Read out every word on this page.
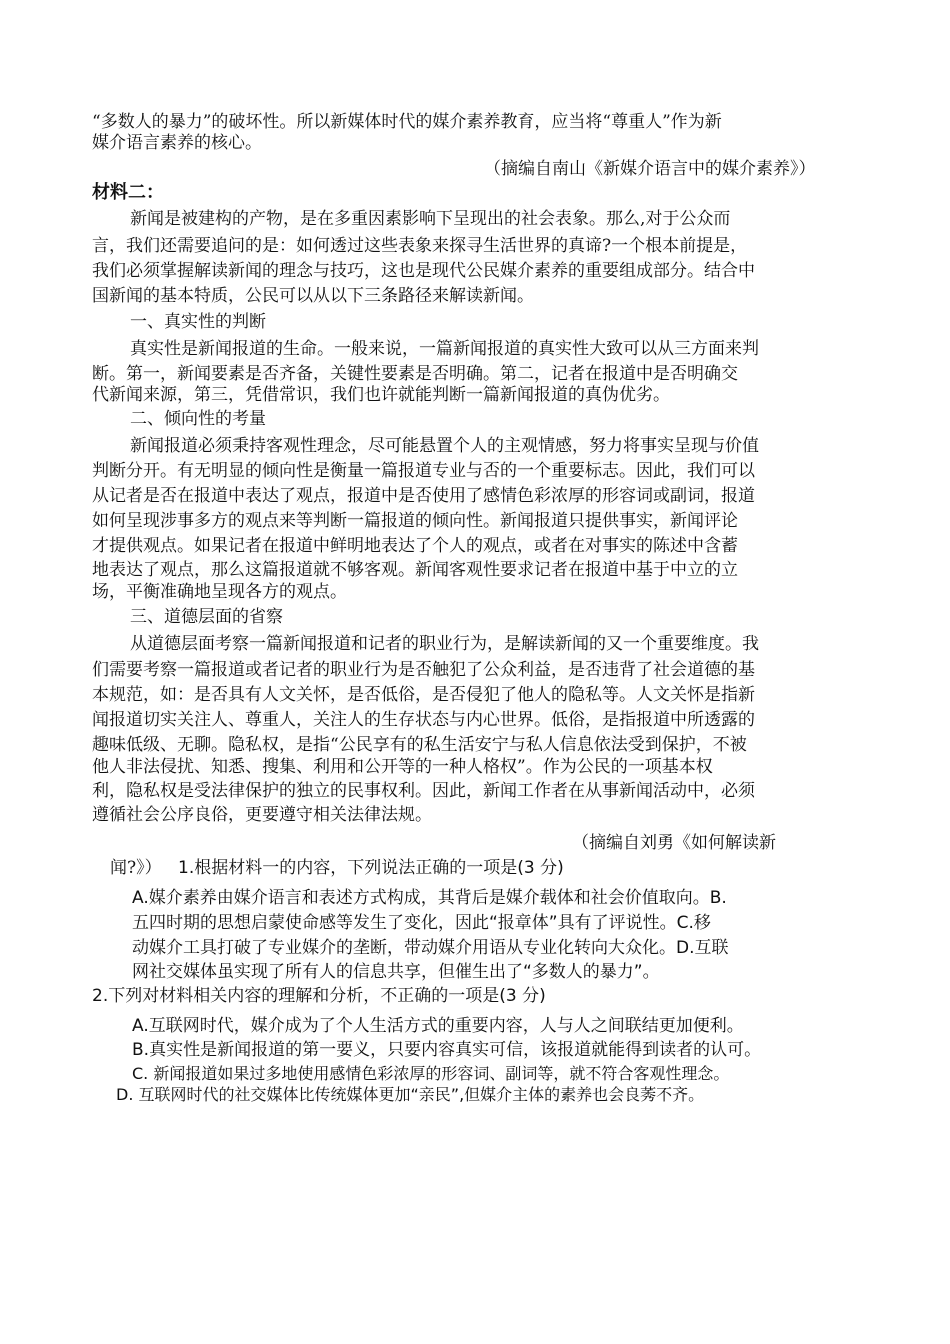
“多数人的暴力”的破坏性。所以新媒体时代的媒介素养教育，应当将“尊重人”作为新
媒介语言素养的核心。
（摘编自南山《新媒介语言中的媒介素养》）
材料二：
新闻是被建构的产物，是在多重因素影响下呈现出的社会表象。那么,对于公众而
言，我们还需要追问的是：如何透过这些表象来探寻生活世界的真谛?一个根本前提是，
我们必须掌握解读新闻的理念与技巧，这也是现代公民媒介素养的重要组成部分。结合中
国新闻的基本特质，公民可以从以下三条路径来解读新闻。
一、真实性的判断
真实性是新闻报道的生命。一般来说，一篇新闻报道的真实性大致可以从三方面来判
断。第一，新闻要素是否齐备，关键性要素是否明确。第二，记者在报道中是否明确交
代新闻来源，第三，凭借常识，我们也许就能判断一篇新闻报道的真伪优劣。
二、倾向性的考量
新闻报道必须秉持客观性理念，尽可能悬置个人的主观情感，努力将事实呈现与价值
判断分开。有无明显的倾向性是衡量一篇报道专业与否的一个重要标志。因此，我们可以
从记者是否在报道中表达了观点，报道中是否使用了感情色彩浓厚的形容词或副词，报道
如何呈现涉事多方的观点来等判断一篇报道的倾向性。新闻报道只提供事实，新闻评论
才提供观点。如果记者在报道中鲜明地表达了个人的观点，或者在对事实的陈述中含蓄
地表达了观点，那么这篇报道就不够客观。新闻客观性要求记者在报道中基于中立的立
场，平衡准确地呈现各方的观点。
三、道德层面的省察
从道德层面考察一篇新闻报道和记者的职业行为，是解读新闻的又一个重要维度。我
们需要考察一篇报道或者记者的职业行为是否触犯了公众利益，是否违背了社会道德的基
本规范，如：是否具有人文关怀，是否低俗，是否侵犯了他人的隐私等。人文关怀是指新
闻报道切实关注人、尊重人，关注人的生存状态与内心世界。低俗，是指报道中所透露的
趣味低级、无聊。隐私权，是指“公民享有的私生活安宁与私人信息依法受到保护，不被
他人非法侵扰、知悉、搜集、利用和公开等的一种人格权”。作为公民的一项基本权
利，隐私权是受法律保护的独立的民事权利。因此，新闻工作者在从事新闻活动中，必须
遵循社会公序良俗，更要遵守相关法律法规。
（摘编自刘勇《如何解读新
闻?》） 1.根据材料一的内容，下列说法正确的一项是(3 分)
A.媒介素养由媒介语言和表述方式构成，其背后是媒介载体和社会价值取向。B.
五四时期的思想启蒙使命感等发生了变化，因此“报章体”具有了评说性。C.移
动媒介工具打破了专业媒介的垄断，带动媒介用语从专业化转向大众化。D.互联
网社交媒体虽实现了所有人的信息共享，但催生出了“多数人的暴力”。
2.下列对材料相关内容的理解和分析，不正确的一项是(3 分)
A.互联网时代，媒介成为了个人生活方式的重要内容，人与人之间联结更加便利。
B.真实性是新闻报道的第一要义，只要内容真实可信，该报道就能得到读者的认可。
C. 新闻报道如果过多地使用感情色彩浓厚的形容词、副词等，就不符合客观性理念。
D. 互联网时代的社交媒体比传统媒体更加“亲民”,但媒介主体的素养也会良莠不齐。
